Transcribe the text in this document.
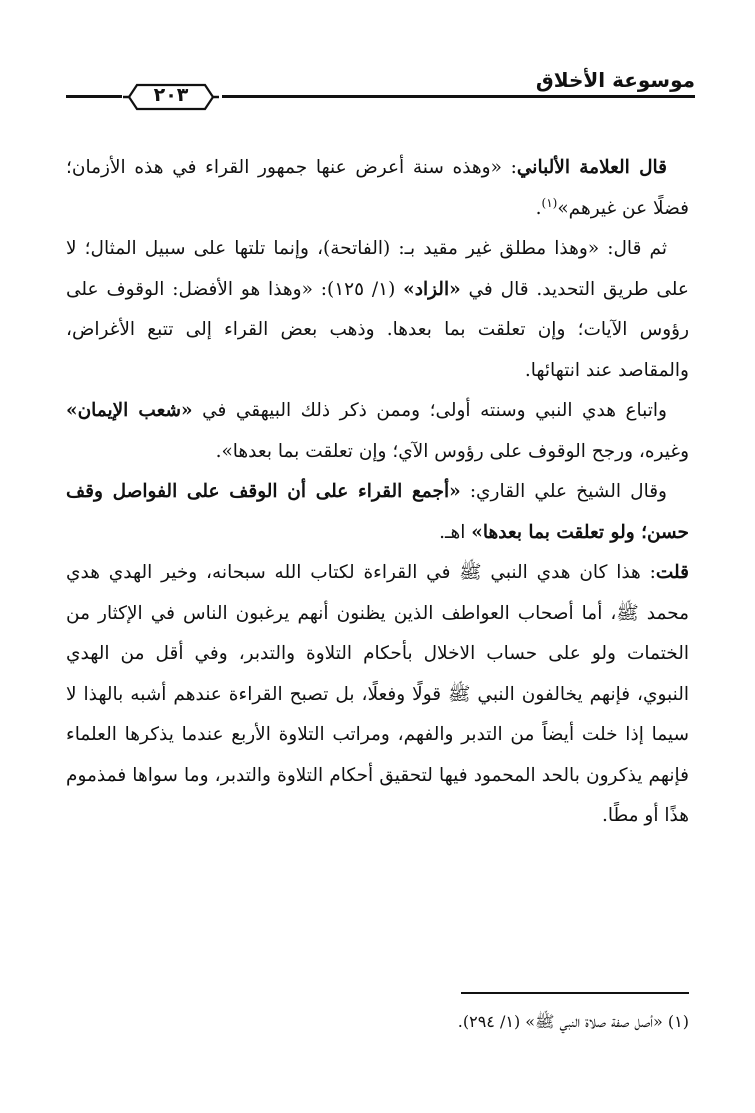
موسوعة الأخلاق
٢٠٣

قال العلامة الألباني: «وهذه سنة أعرض عنها جمهور القراء في هذه الأزمان؛ فضلًا عن غيرهم»$^{(١)}$.

ثم قال: «وهذا مطلق غير مقيد بـ: (الفاتحة)، وإنما تلتها على سبيل المثال؛ لا على طريق التحديد. قال في «الزاد» (١/ ١٢٥): «وهذا هو الأفضل: الوقوف على رؤوس الآيات؛ وإن تعلقت بما بعدها. وذهب بعض القراء إلى تتبع الأغراض، والمقاصد عند انتهائها.

واتباع هدي النبي وسنته أولى؛ وممن ذكر ذلك البيهقي في «شعب الإيمان» وغيره، ورجح الوقوف على رؤوس الآي؛ وإن تعلقت بما بعدها».

وقال الشيخ علي القاري: «أجمع القراء على أن الوقف على الفواصل وقف حسن؛ ولو تعلقت بما بعدها» اهـ.

قلت: هذا كان هدي النبي ﷺ في القراءة لكتاب الله سبحانه، وخير الهدي هدي محمد ﷺ، أما أصحاب العواطف الذين يظنون أنهم يرغبون الناس في الإكثار من الختمات ولو على حساب الاخلال بأحكام التلاوة والتدبر، وفي أقل من الهدي النبوي، فإنهم يخالفون النبي ﷺ قولًا وفعلًا، بل تصبح القراءة عندهم أشبه بالهذا لا سيما إذا خلت أيضاً من التدبر والفهم، ومراتب التلاوة الأربع عندما يذكرها العلماء فإنهم يذكرون بالحد المحمود فيها لتحقيق أحكام التلاوة والتدبر، وما سواها فمذموم هذًا أو مطًا.

(١) «أصل صفة صلاة النبي ﷺ» (١/ ٢٩٤).
